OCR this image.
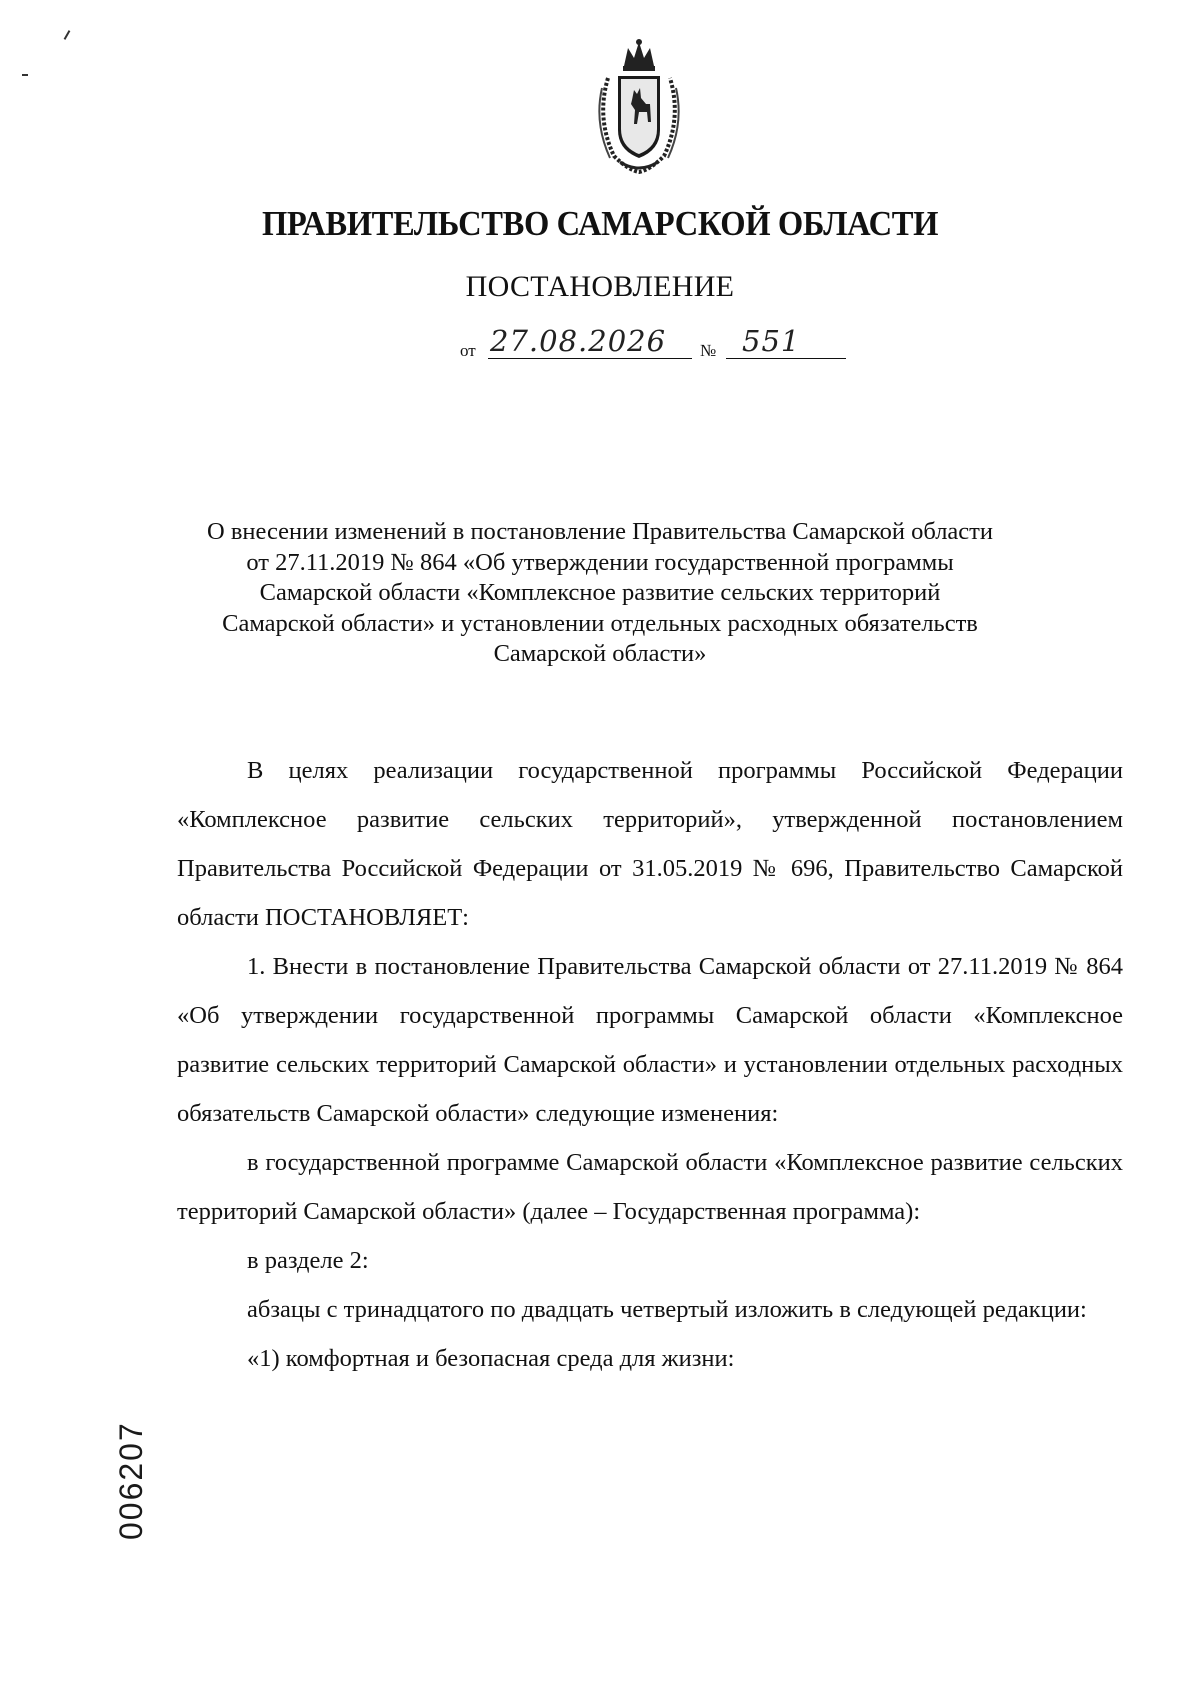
ПРАВИТЕЛЬСТВО САМАРСКОЙ ОБЛАСТИ
ПОСТАНОВЛЕНИЕ
от 27.08.2026 № 551
О внесении изменений в постановление Правительства Самарской области
от 27.11.2019 № 864 «Об утверждении государственной программы
Самарской области «Комплексное развитие сельских территорий
Самарской области» и установлении отдельных расходных обязательств
Самарской области»

В целях реализации государственной программы Российской Федерации «Комплексное развитие сельских территорий», утвержденной постановлением Правительства Российской Федерации от 31.05.2019 № 696, Правительство Самарской области ПОСТАНОВЛЯЕТ:

1. Внести в постановление Правительства Самарской области от 27.11.2019 № 864 «Об утверждении государственной программы Самарской области «Комплексное развитие сельских территорий Самарской области» и установлении отдельных расходных обязательств Самарской области» следующие изменения:

в государственной программе Самарской области «Комплексное развитие сельских территорий Самарской области» (далее – Государственная программа):

в разделе 2:

абзацы с тринадцатого по двадцать четвертый изложить в следующей редакции:

«1) комфортная и безопасная среда для жизни:

006207
